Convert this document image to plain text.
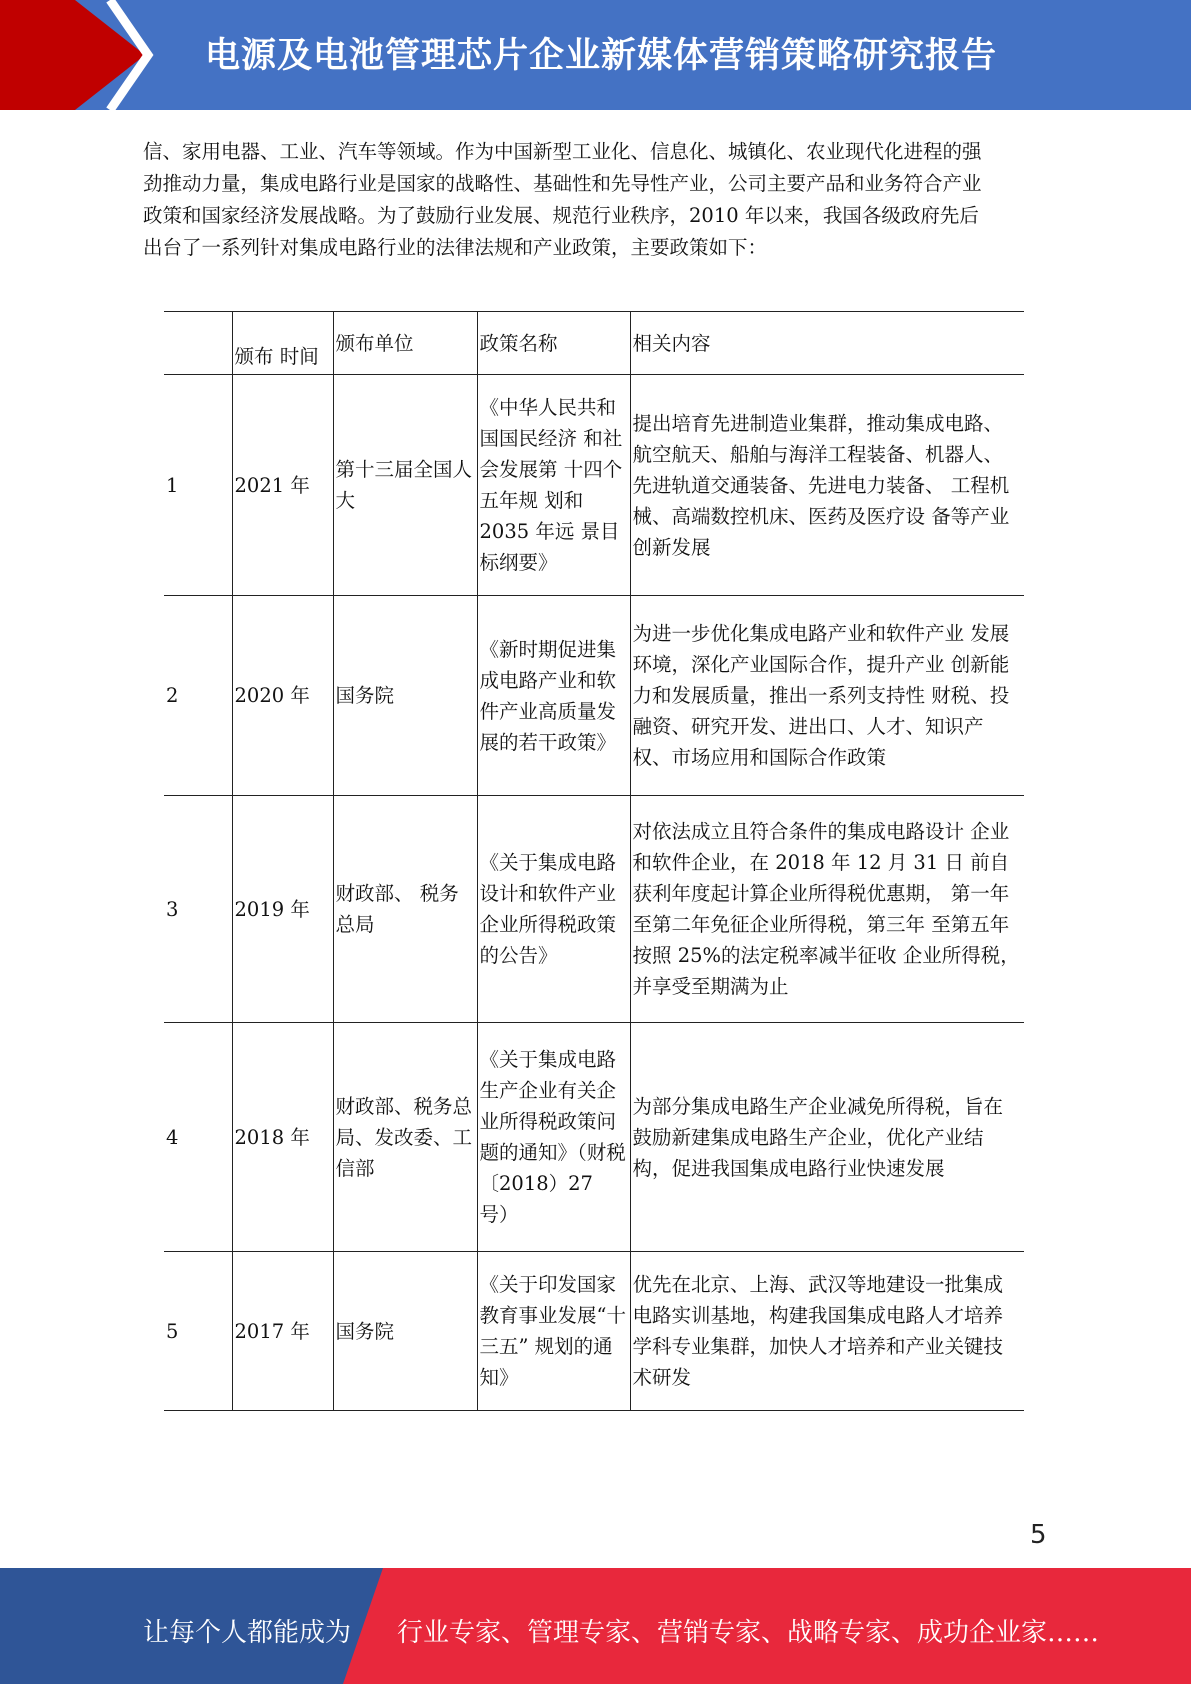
电源及电池管理芯片企业新媒体营销策略研究报告

信、家用电器、工业、汽车等领域。作为中国新型工业化、信息化、城镇化、农业现代化进程的强

劲推动力量，集成电路行业是国家的战略性、基础性和先导性产业，公司主要产品和业务符合产业

政策和国家经济发展战略。为了鼓励行业发展、规范行业秩序，2010 年以来，我国各级政府先后

出台了一系列针对集成电路行业的法律法规和产业政策，主要政策如下：

	颁布 时间	颁布单位	政策名称	相关内容
1	2021 年	第十三届全国人大	《中华人民共和国国民经济 和社会发展第 十四个五年规 划和 2035 年远 景目标纲要》	提出培育先进制造业集群，推动集成电路、航空航天、船舶与海洋工程装备、机器人、先进轨道交通装备、先进电力装备、 工程机械、高端数控机床、医药及医疗设 备等产业创新发展
2	2020 年	国务院	《新时期促进集成电路产业和软件产业高质量发展的若干政策》	为进一步优化集成电路产业和软件产业 发展环境，深化产业国际合作，提升产业 创新能力和发展质量，推出一系列支持性 财税、投融资、研究开发、进出口、人才、知识产权、市场应用和国际合作政策
3	2019 年	财政部、 税务总局	《关于集成电路设计和软件产业企业所得税政策的公告》	对依法成立且符合条件的集成电路设计 企业和软件企业，在 2018 年 12 月 31 日 前自获利年度起计算企业所得税优惠期， 第一年至第二年免征企业所得税，第三年 至第五年按照 25%的法定税率减半征收 企业所得税，并享受至期满为止
4	2018 年	财政部、税务总局、发改委、工信部	《关于集成电路生产企业有关企业所得税政策问题的通知》（财税〔2018）27 号）	为部分集成电路生产企业减免所得税，旨在鼓励新建集成电路生产企业，优化产业结构，促进我国集成电路行业快速发展
5	2017 年	国务院	《关于印发国家教育事业发展“十三五” 规划的通知》	优先在北京、上海、武汉等地建设一批集成电路实训基地，构建我国集成电路人才培养学科专业集群，加快人才培养和产业关键技术研发
5
让每个人都能成为 行业专家、管理专家、营销专家、战略专家、成功企业家……
